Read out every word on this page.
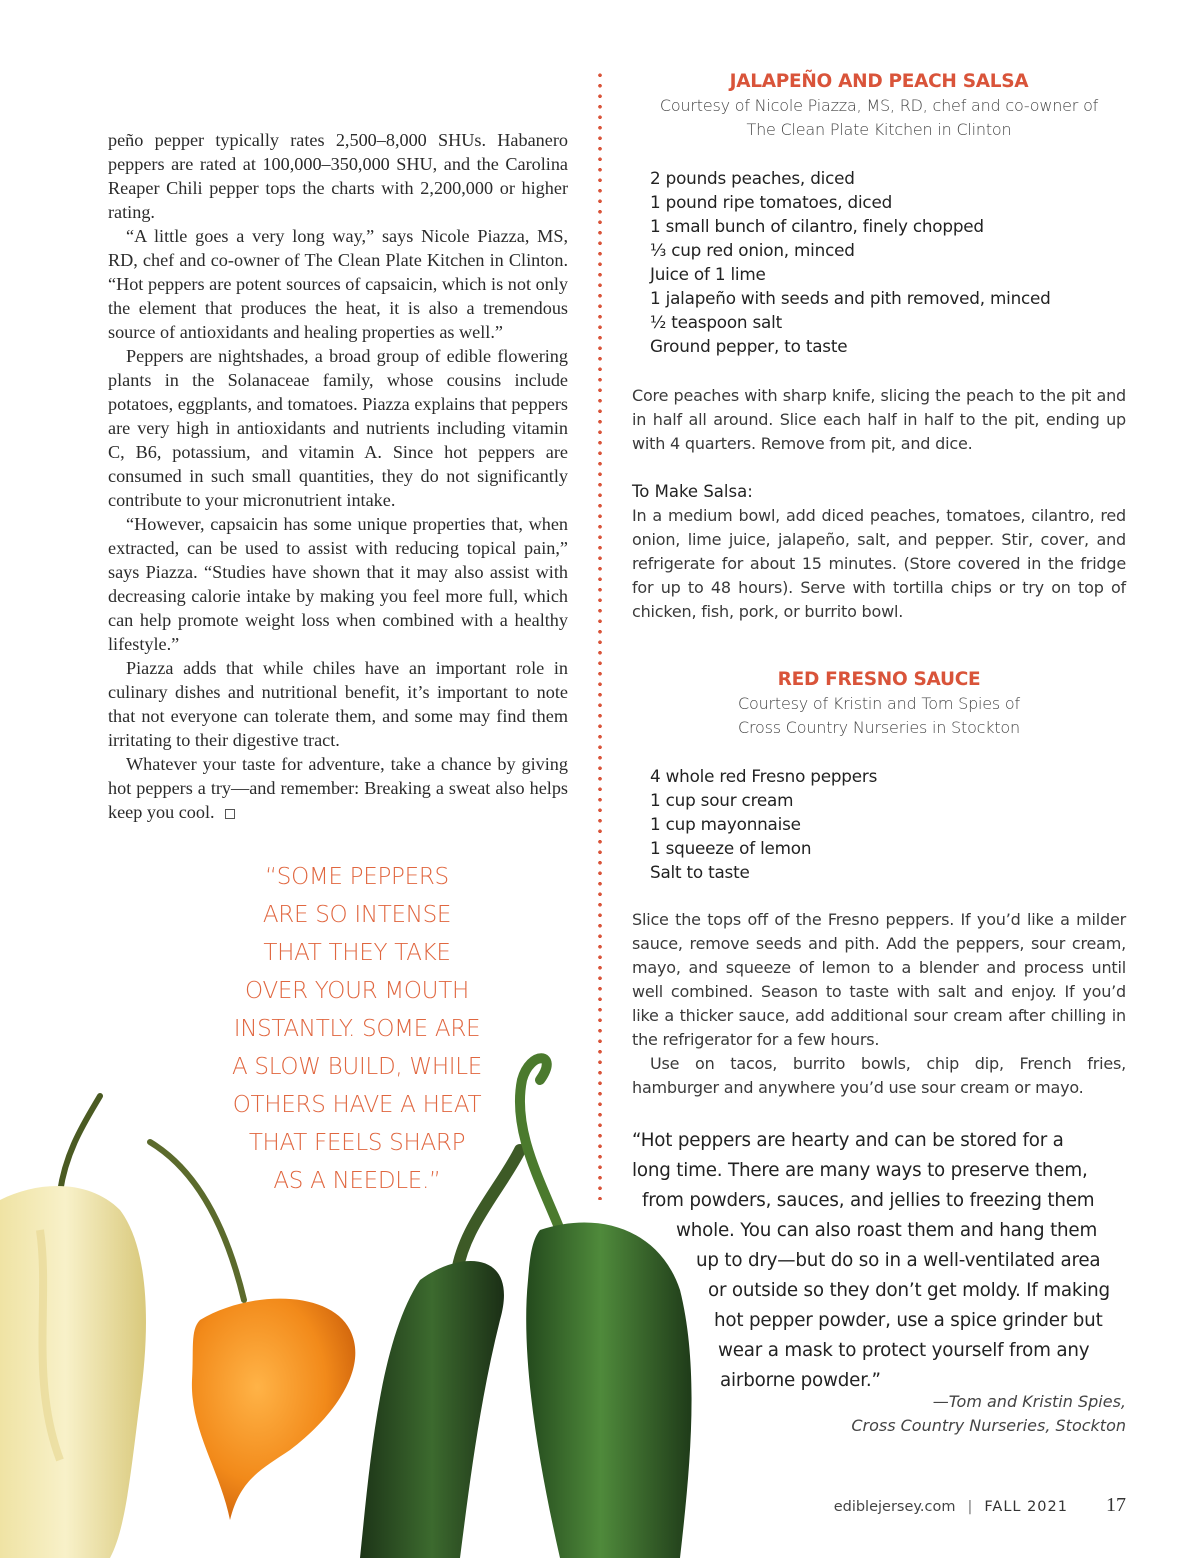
peño pepper typically rates 2,500–8,000 SHUs. Habanero peppers are rated at 100,000–350,000 SHU, and the Carolina Reaper Chili pepper tops the charts with 2,200,000 or higher rating.

“A little goes a very long way,” says Nicole Piazza, MS, RD, chef and co-owner of The Clean Plate Kitchen in Clinton. “Hot peppers are potent sources of capsaicin, which is not only the element that produces the heat, it is also a tremendous source of antioxidants and healing properties as well.”

Peppers are nightshades, a broad group of edible flowering plants in the Solanaceae family, whose cousins include potatoes, eggplants, and tomatoes. Piazza explains that peppers are very high in antioxidants and nutrients including vitamin C, B6, potassium, and vitamin A. Since hot peppers are consumed in such small quantities, they do not significantly contribute to your micronutrient intake.

“However, capsaicin has some unique properties that, when extracted, can be used to assist with reducing topical pain,” says Piazza. “Studies have shown that it may also assist with decreasing calorie intake by making you feel more full, which can help promote weight loss when combined with a healthy lifestyle.”

Piazza adds that while chiles have an important role in culinary dishes and nutritional benefit, it’s important to note that not everyone can tolerate them, and some may find them irritating to their digestive tract.

Whatever your taste for adventure, take a chance by giving hot peppers a try—and remember: Breaking a sweat also helps keep you cool.

“SOME PEPPERS
ARE SO INTENSE
THAT THEY TAKE
OVER YOUR MOUTH
INSTANTLY. SOME ARE
A SLOW BUILD, WHILE
OTHERS HAVE A HEAT
THAT FEELS SHARP
AS A NEEDLE.”
JALAPEÑO AND PEACH SALSA

Courtesy of Nicole Piazza, MS, RD, chef and co-owner of

The Clean Plate Kitchen in Clinton

2 pounds peaches, diced
1 pound ripe tomatoes, diced
1 small bunch of cilantro, finely chopped
⅓ cup red onion, minced
Juice of 1 lime
1 jalapeño with seeds and pith removed, minced
½ teaspoon salt
Ground pepper, to taste

Core peaches with sharp knife, slicing the peach to the pit and in half all around. Slice each half in half to the pit, ending up with 4 quarters. Remove from pit, and dice.

To Make Salsa:

In a medium bowl, add diced peaches, tomatoes, cilantro, red onion, lime juice, jalapeño, salt, and pepper. Stir, cover, and refrigerate for about 15 minutes. (Store covered in the fridge for up to 48 hours). Serve with tortilla chips or try on top of chicken, fish, pork, or burrito bowl.

RED FRESNO SAUCE

Courtesy of Kristin and Tom Spies of

Cross Country Nurseries in Stockton

4 whole red Fresno peppers
1 cup sour cream
1 cup mayonnaise
1 squeeze of lemon
Salt to taste

Slice the tops off of the Fresno peppers. If you’d like a milder sauce, remove seeds and pith. Add the peppers, sour cream, mayo, and squeeze of lemon to a blender and process until well combined. Season to taste with salt and enjoy. If you’d like a thicker sauce, add additional sour cream after chilling in the refrigerator for a few hours.

Use on tacos, burrito bowls, chip dip, French fries, hamburger and anywhere you’d use sour cream or mayo.

“Hot peppers are hearty and can be stored for a
long time. There are many ways to preserve them,
from powders, sauces, and jellies to freezing them
whole. You can also roast them and hang them
up to dry—but do so in a well-ventilated area
or outside so they don’t get moldy. If making
hot pepper powder, use a spice grinder but
wear a mask to protect yourself from any
airborne powder.”
—Tom and Kristin Spies,
Cross Country Nurseries, Stockton
ediblejersey.com | FALL 2021 17
